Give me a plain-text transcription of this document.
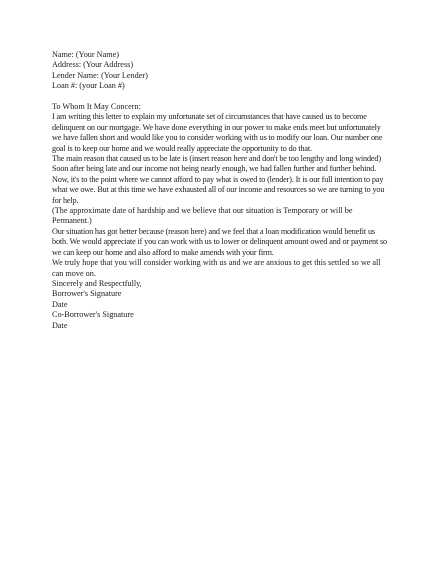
Name: (Your Name)

Address: (Your Address)

Lender Name: (Your Lender)

Loan #: (your Loan #)

To Whom It May Concern:

I am writing this letter to explain my unfortunate set of circumstances that have caused us to become delinquent on our mortgage. We have done everything in our power to make ends meet but unfortunately we have fallen short and would like you to consider working with us to modify our loan. Our number one goal is to keep our home and we would really appreciate the opportunity to do that.

The main reason that caused us to be late is (insert reason here and don't be too lengthy and long winded) Soon after being late and our income not being nearly enough, we had fallen further and further behind. Now, it's to the point where we cannot afford to pay what is owed to (lender). It is our full intention to pay what we owe. But at this time we have exhausted all of our income and resources so we are turning to you for help.

(The approximate date of hardship and we believe that our situation is Temporary or will be Permanent.)

Our situation has got better because (reason here) and we feel that a loan modification would benefit us both. We would appreciate if you can work with us to lower or delinquent amount owed and or payment so we can keep our home and also afford to make amends with your firm.

We truly hope that you will consider working with us and we are anxious to get this settled so we all can move on.

Sincerely and Respectfully,

Borrower's Signature

Date

Co-Borrower's Signature

Date
